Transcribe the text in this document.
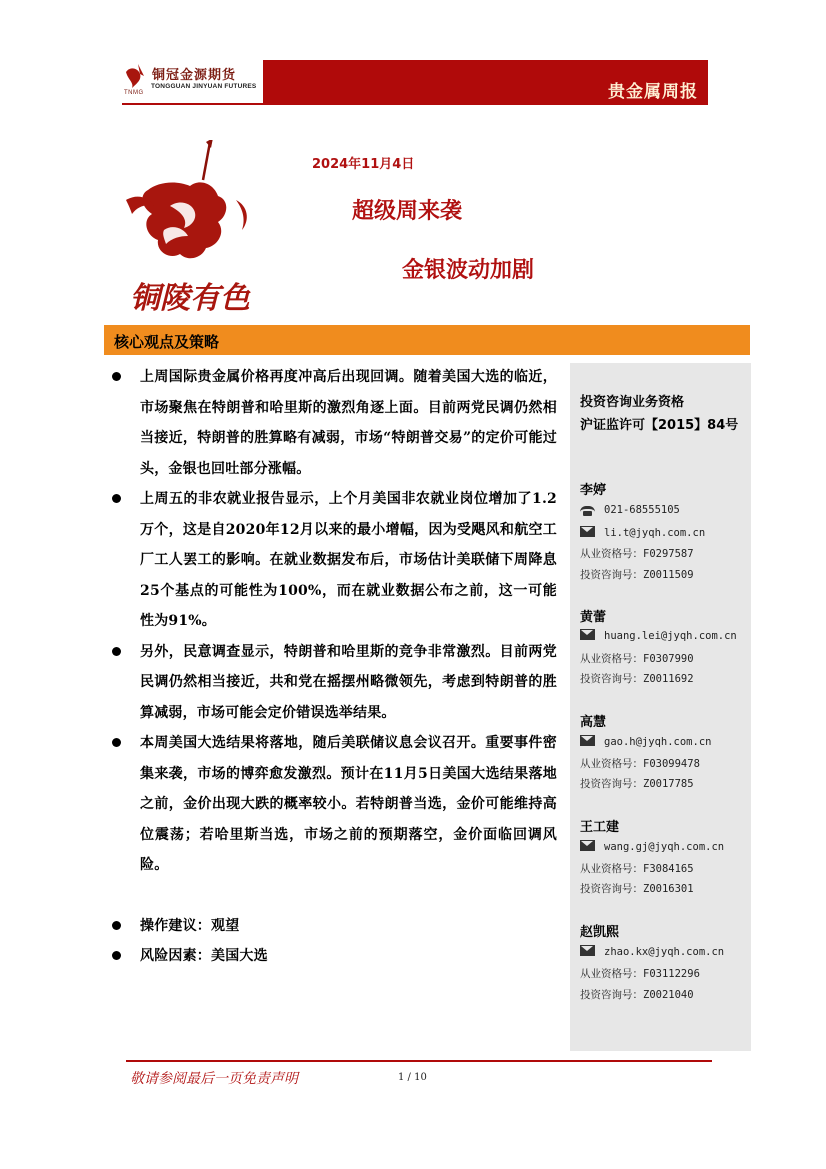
TNMG
铜冠金源期货
TONGGUAN JINYUAN FUTURES	贵金属周报
铜陵有色
2024年11月4日
超级周来袭
金银波动加剧
核心观点及策略
上周国际贵金属价格再度冲高后出现回调。随着美国大选的临近，市场聚焦在特朗普和哈里斯的激烈角逐上面。目前两党民调仍然相当接近，特朗普的胜算略有减弱，市场“特朗普交易”的定价可能过头，金银也回吐部分涨幅。
上周五的非农就业报告显示，上个月美国非农就业岗位增加了1.2万个，这是自2020年12月以来的最小增幅，因为受飓风和航空工厂工人罢工的影响。在就业数据发布后，市场估计美联储下周降息25个基点的可能性为100%，而在就业数据公布之前，这一可能性为91%。
另外，民意调查显示，特朗普和哈里斯的竞争非常激烈。目前两党民调仍然相当接近，共和党在摇摆州略微领先，考虑到特朗普的胜算减弱，市场可能会定价错误选举结果。
本周美国大选结果将落地，随后美联储议息会议召开。重要事件密集来袭，市场的博弈愈发激烈。预计在11月5日美国大选结果落地之前，金价出现大跌的概率较小。若特朗普当选，金价可能维持高位震荡；若哈里斯当选，市场之前的预期落空，金价面临回调风险。
操作建议：观望
风险因素：美国大选
投资咨询业务资格
沪证监许可【2015】84号
李婷
021-68555105
li.t@jyqh.com.cn
从业资格号：F0297587
投资咨询号：Z0011509
黄蕾
huang.lei@jyqh.com.cn
从业资格号：F0307990
投资咨询号：Z0011692
高慧
gao.h@jyqh.com.cn
从业资格号：F03099478
投资咨询号：Z0017785
王工建
wang.gj@jyqh.com.cn
从业资格号：F3084165
投资咨询号：Z0016301
赵凯熙
zhao.kx@jyqh.com.cn
从业资格号：F03112296
投资咨询号：Z0021040
敬请参阅最后一页免责声明	1 / 10
